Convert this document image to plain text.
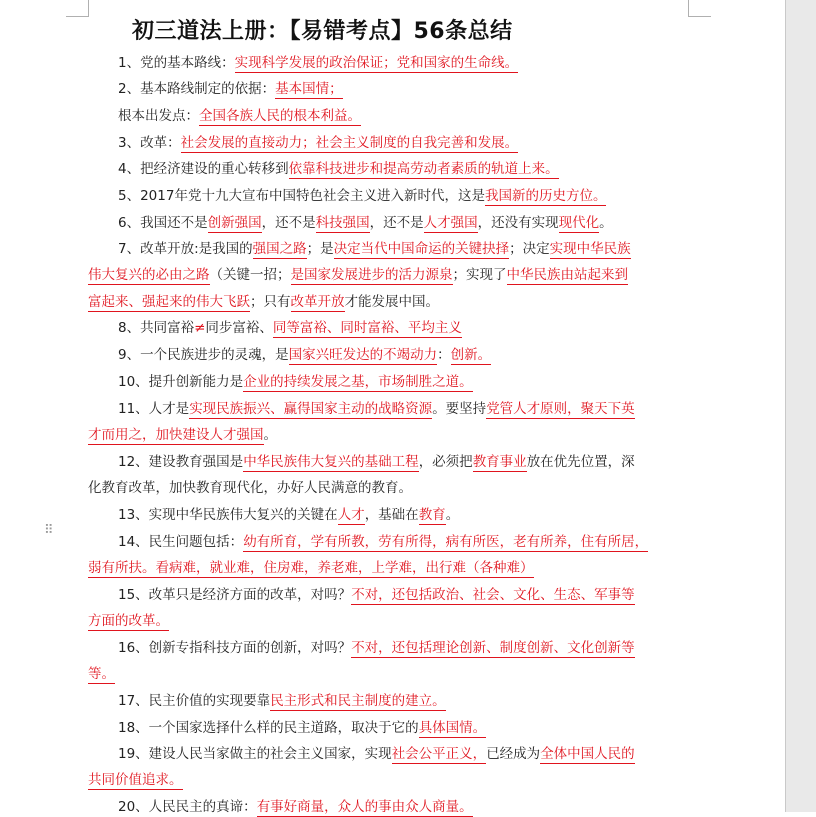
⠿

初三道法上册：【易错考点】56条总结
1、党的基本路线：实现科学发展的政治保证；党和国家的生命线。
2、基本路线制定的依据：基本国情；
根本出发点：全国各族人民的根本利益。
3、改革：社会发展的直接动力；社会主义制度的自我完善和发展。
4、把经济建设的重心转移到依靠科技进步和提高劳动者素质的轨道上来。
5、2017年党十九大宣布中国特色社会主义进入新时代，这是我国新的历史方位。
6、我国还不是创新强国，还不是科技强国，还不是人才强国，还没有实现现代化。
7、改革开放:是我国的强国之路；是决定当代中国命运的关键抉择；决定实现中华民族
伟大复兴的必由之路（关键一招；是国家发展进步的活力源泉；实现了中华民族由站起来到
富起来、强起来的伟大飞跃；只有改革开放才能发展中国。
8、共同富裕≠同步富裕、同等富裕、同时富裕、平均主义
9、一个民族进步的灵魂，是国家兴旺发达的不竭动力：创新。
10、提升创新能力是企业的持续发展之基，市场制胜之道。
11、人才是实现民族振兴、赢得国家主动的战略资源。要坚持党管人才原则，聚天下英
才而用之，加快建设人才强国。
12、建设教育强国是中华民族伟大复兴的基础工程，必须把教育事业放在优先位置，深
化教育改革，加快教育现代化，办好人民满意的教育。
13、实现中华民族伟大复兴的关键在人才，基础在教育。
14、民生问题包括：幼有所育，学有所教，劳有所得，病有所医，老有所养，住有所居，
弱有所扶。看病难，就业难，住房难，养老难，上学难，出行难（各种难）
15、改革只是经济方面的改革，对吗？不对，还包括政治、社会、文化、生态、军事等
方面的改革。
16、创新专指科技方面的创新，对吗？不对，还包括理论创新、制度创新、文化创新等
等。
17、民主价值的实现要靠民主形式和民主制度的建立。
18、一个国家选择什么样的民主道路，取决于它的具体国情。
19、建设人民当家做主的社会主义国家，实现社会公平正义，已经成为全体中国人民的
共同价值追求。
20、人民民主的真谛：有事好商量，众人的事由众人商量。
